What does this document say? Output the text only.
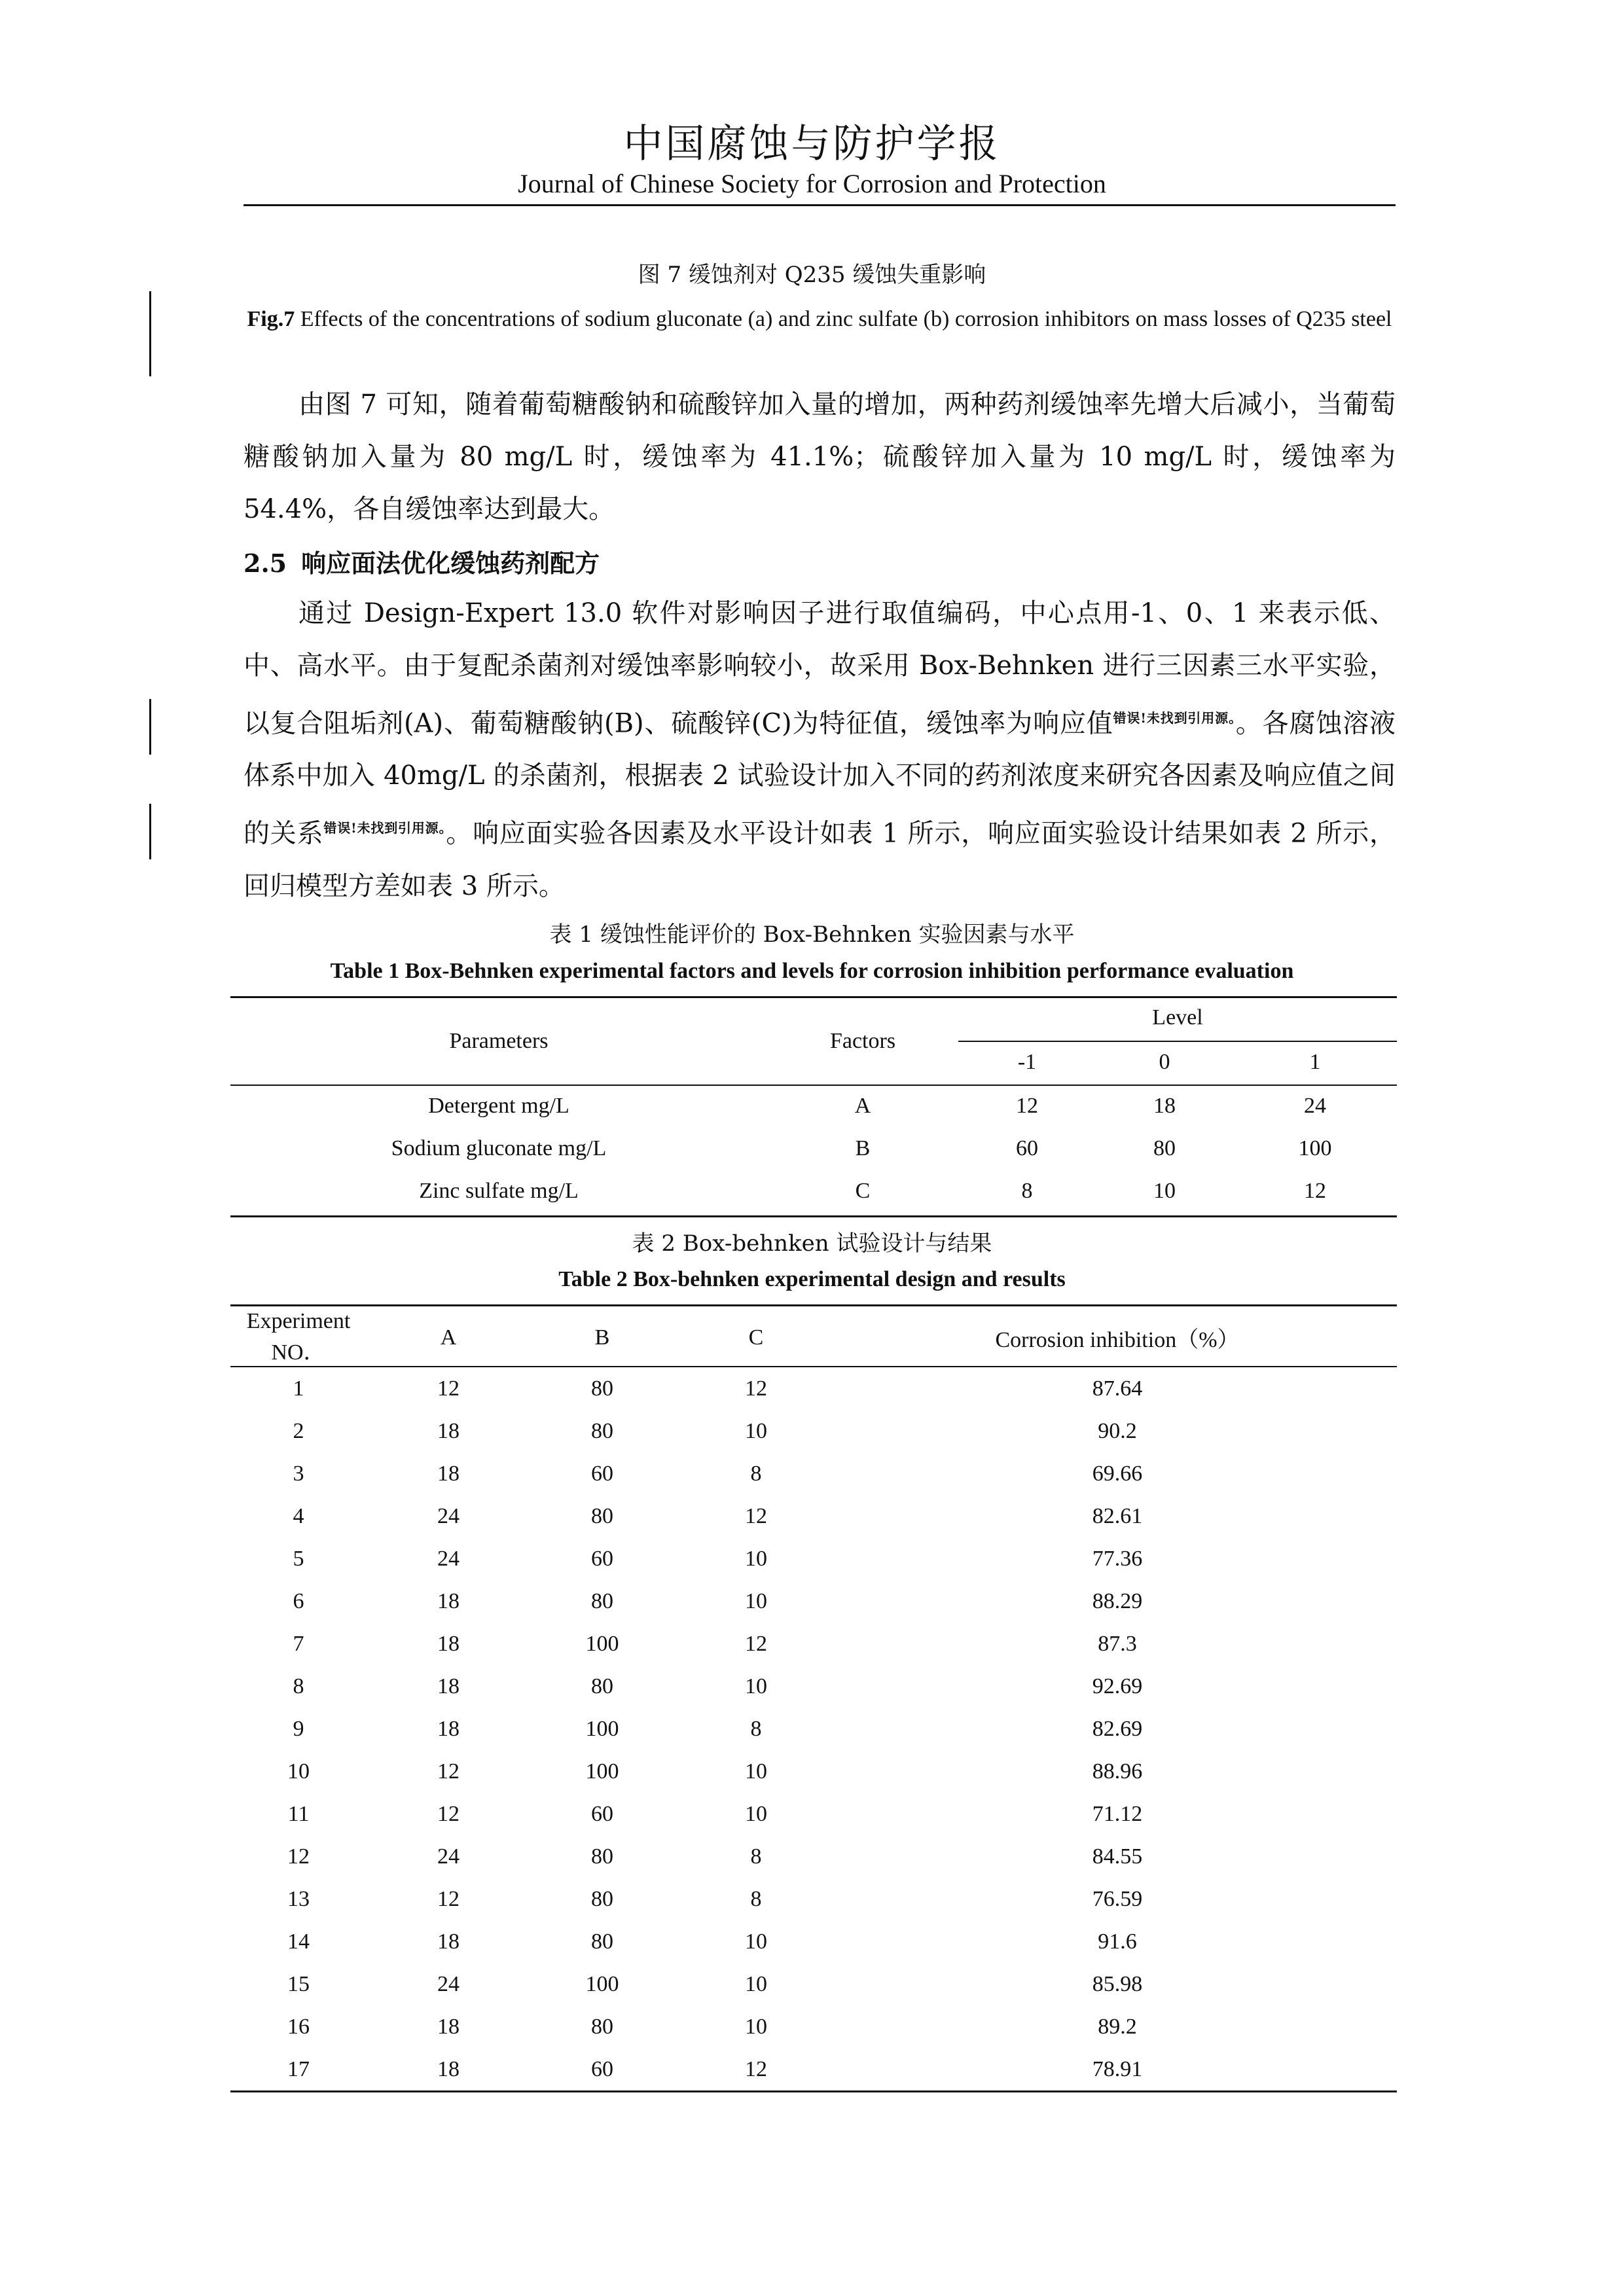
中国腐蚀与防护学报
Journal of Chinese Society for Corrosion and Protection
图 7 缓蚀剂对 Q235 缓蚀失重影响
Fig.7 Effects of the concentrations of sodium gluconate (a) and zinc sulfate (b) corrosion inhibitors on mass losses of Q235 steel
由图 7 可知，随着葡萄糖酸钠和硫酸锌加入量的增加，两种药剂缓蚀率先增大后减小，当葡萄糖酸钠加入量为 80 mg/L 时，缓蚀率为 41.1%；硫酸锌加入量为 10 mg/L 时，缓蚀率为 54.4%，各自缓蚀率达到最大。
2.5 响应面法优化缓蚀药剂配方
通过 Design-Expert 13.0 软件对影响因子进行取值编码，中心点用-1、0、1 来表示低、中、高水平。由于复配杀菌剂对缓蚀率影响较小，故采用 Box-Behnken 进行三因素三水平实验，以复合阻垢剂(A)、葡萄糖酸钠(B)、硫酸锌(C)为特征值，缓蚀率为响应值$^{错误!未找到引用源。}$。各腐蚀溶液体系中加入 40mg/L 的杀菌剂，根据表 2 试验设计加入不同的药剂浓度来研究各因素及响应值之间的关系$^{错误!未找到引用源。}$。响应面实验各因素及水平设计如表 1 所示，响应面实验设计结果如表 2 所示，回归模型方差如表 3 所示。
表 1 缓蚀性能评价的 Box-Behnken 实验因素与水平
Table 1 Box-Behnken experimental factors and levels for corrosion inhibition performance evaluation
Parameters	Factors
Level
-1	0	1
Detergent mg/L	A	12	18	24
Sodium gluconate mg/L	B	60	80	100
Zinc sulfate mg/L	C	8	10	12
表 2 Box-behnken 试验设计与结果
Table 2 Box-behnken experimental design and results
Experiment NO．	A	B	C	Corrosion inhibition（%）
1	12	80	12	87.64
2	18	80	10	90.2
3	18	60	8	69.66
4	24	80	12	82.61
5	24	60	10	77.36
6	18	80	10	88.29
7	18	100	12	87.3
8	18	80	10	92.69
9	18	100	8	82.69
10	12	100	10	88.96
11	12	60	10	71.12
12	24	80	8	84.55
13	12	80	8	76.59
14	18	80	10	91.6
15	24	100	10	85.98
16	18	80	10	89.2
17	18	60	12	78.91
